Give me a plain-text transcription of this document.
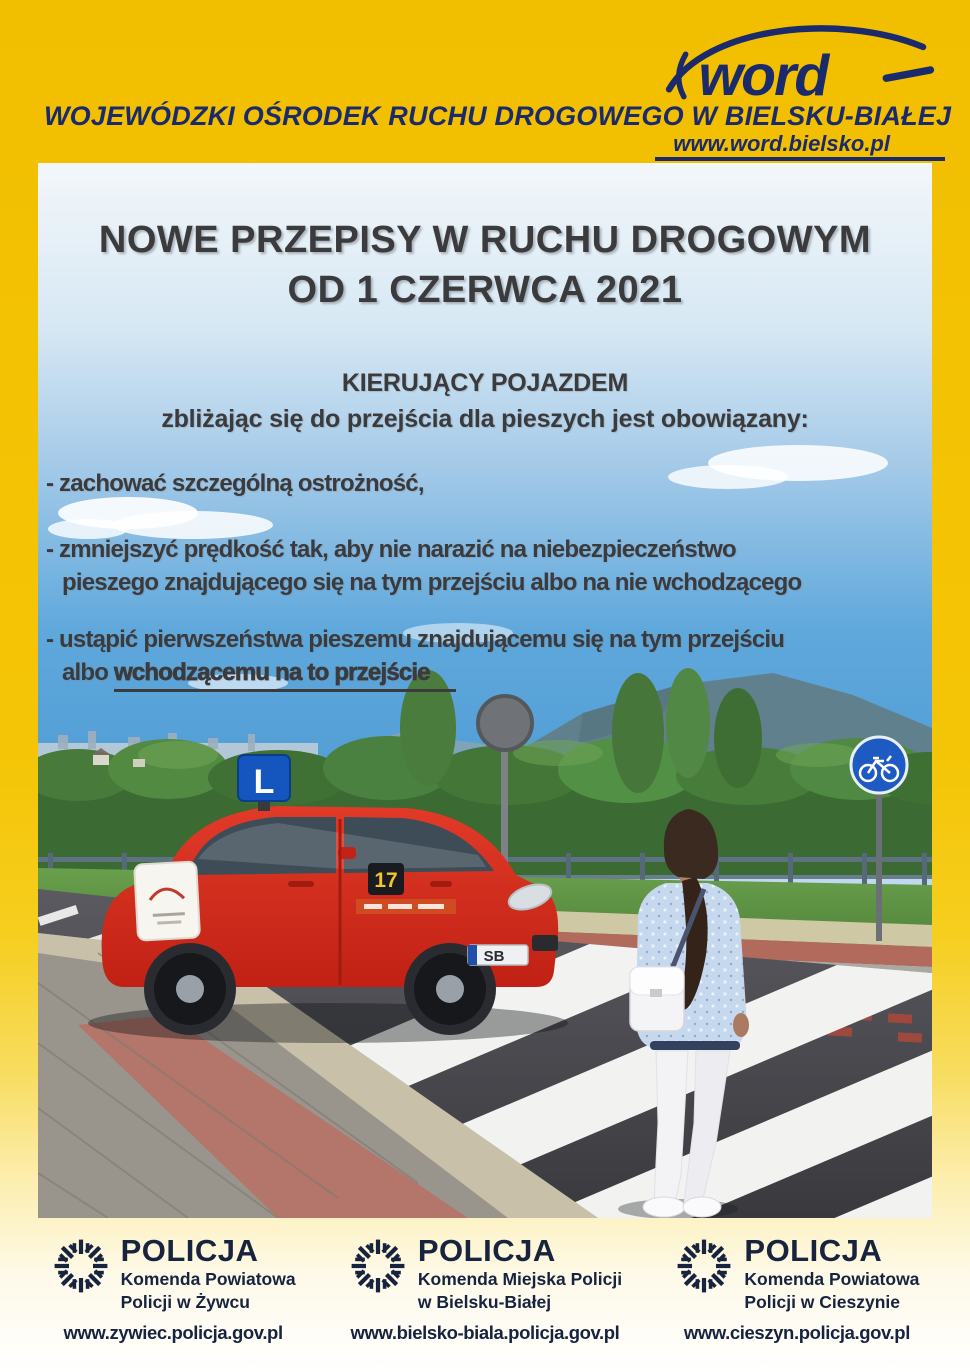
word
WOJEWÓDZKI OŚRODEK RUCHU DROGOWEGO W BIELSKU-BIAŁEJ
www.word.bielsko.pl
17
SB
L
NOWE PRZEPISY W RUCHU DROGOWYM
OD 1 CZERWCA 2021
KIERUJĄCY POJAZDEM
zbliżając się do przejścia dla pieszych jest obowiązany:
- zachować szczególną ostrożność,
- zmniejszyć prędkość tak, aby nie narazić na niebezpieczeństwo
pieszego znajdującego się na tym przejściu albo na nie wchodzącego
- ustąpić pierwszeństwa pieszemu znajdującemu się na tym przejściu
albo wchodzącemu na to przejście
POLICJA
Komenda Powiatowa
Policji w Żywcu
POLICJA
Komenda Miejska Policji
w Bielsku-Białej
POLICJA
Komenda Powiatowa
Policji w Cieszynie
www.zywiec.policja.gov.pl	www.bielsko-biala.policja.gov.pl	www.cieszyn.policja.gov.pl
